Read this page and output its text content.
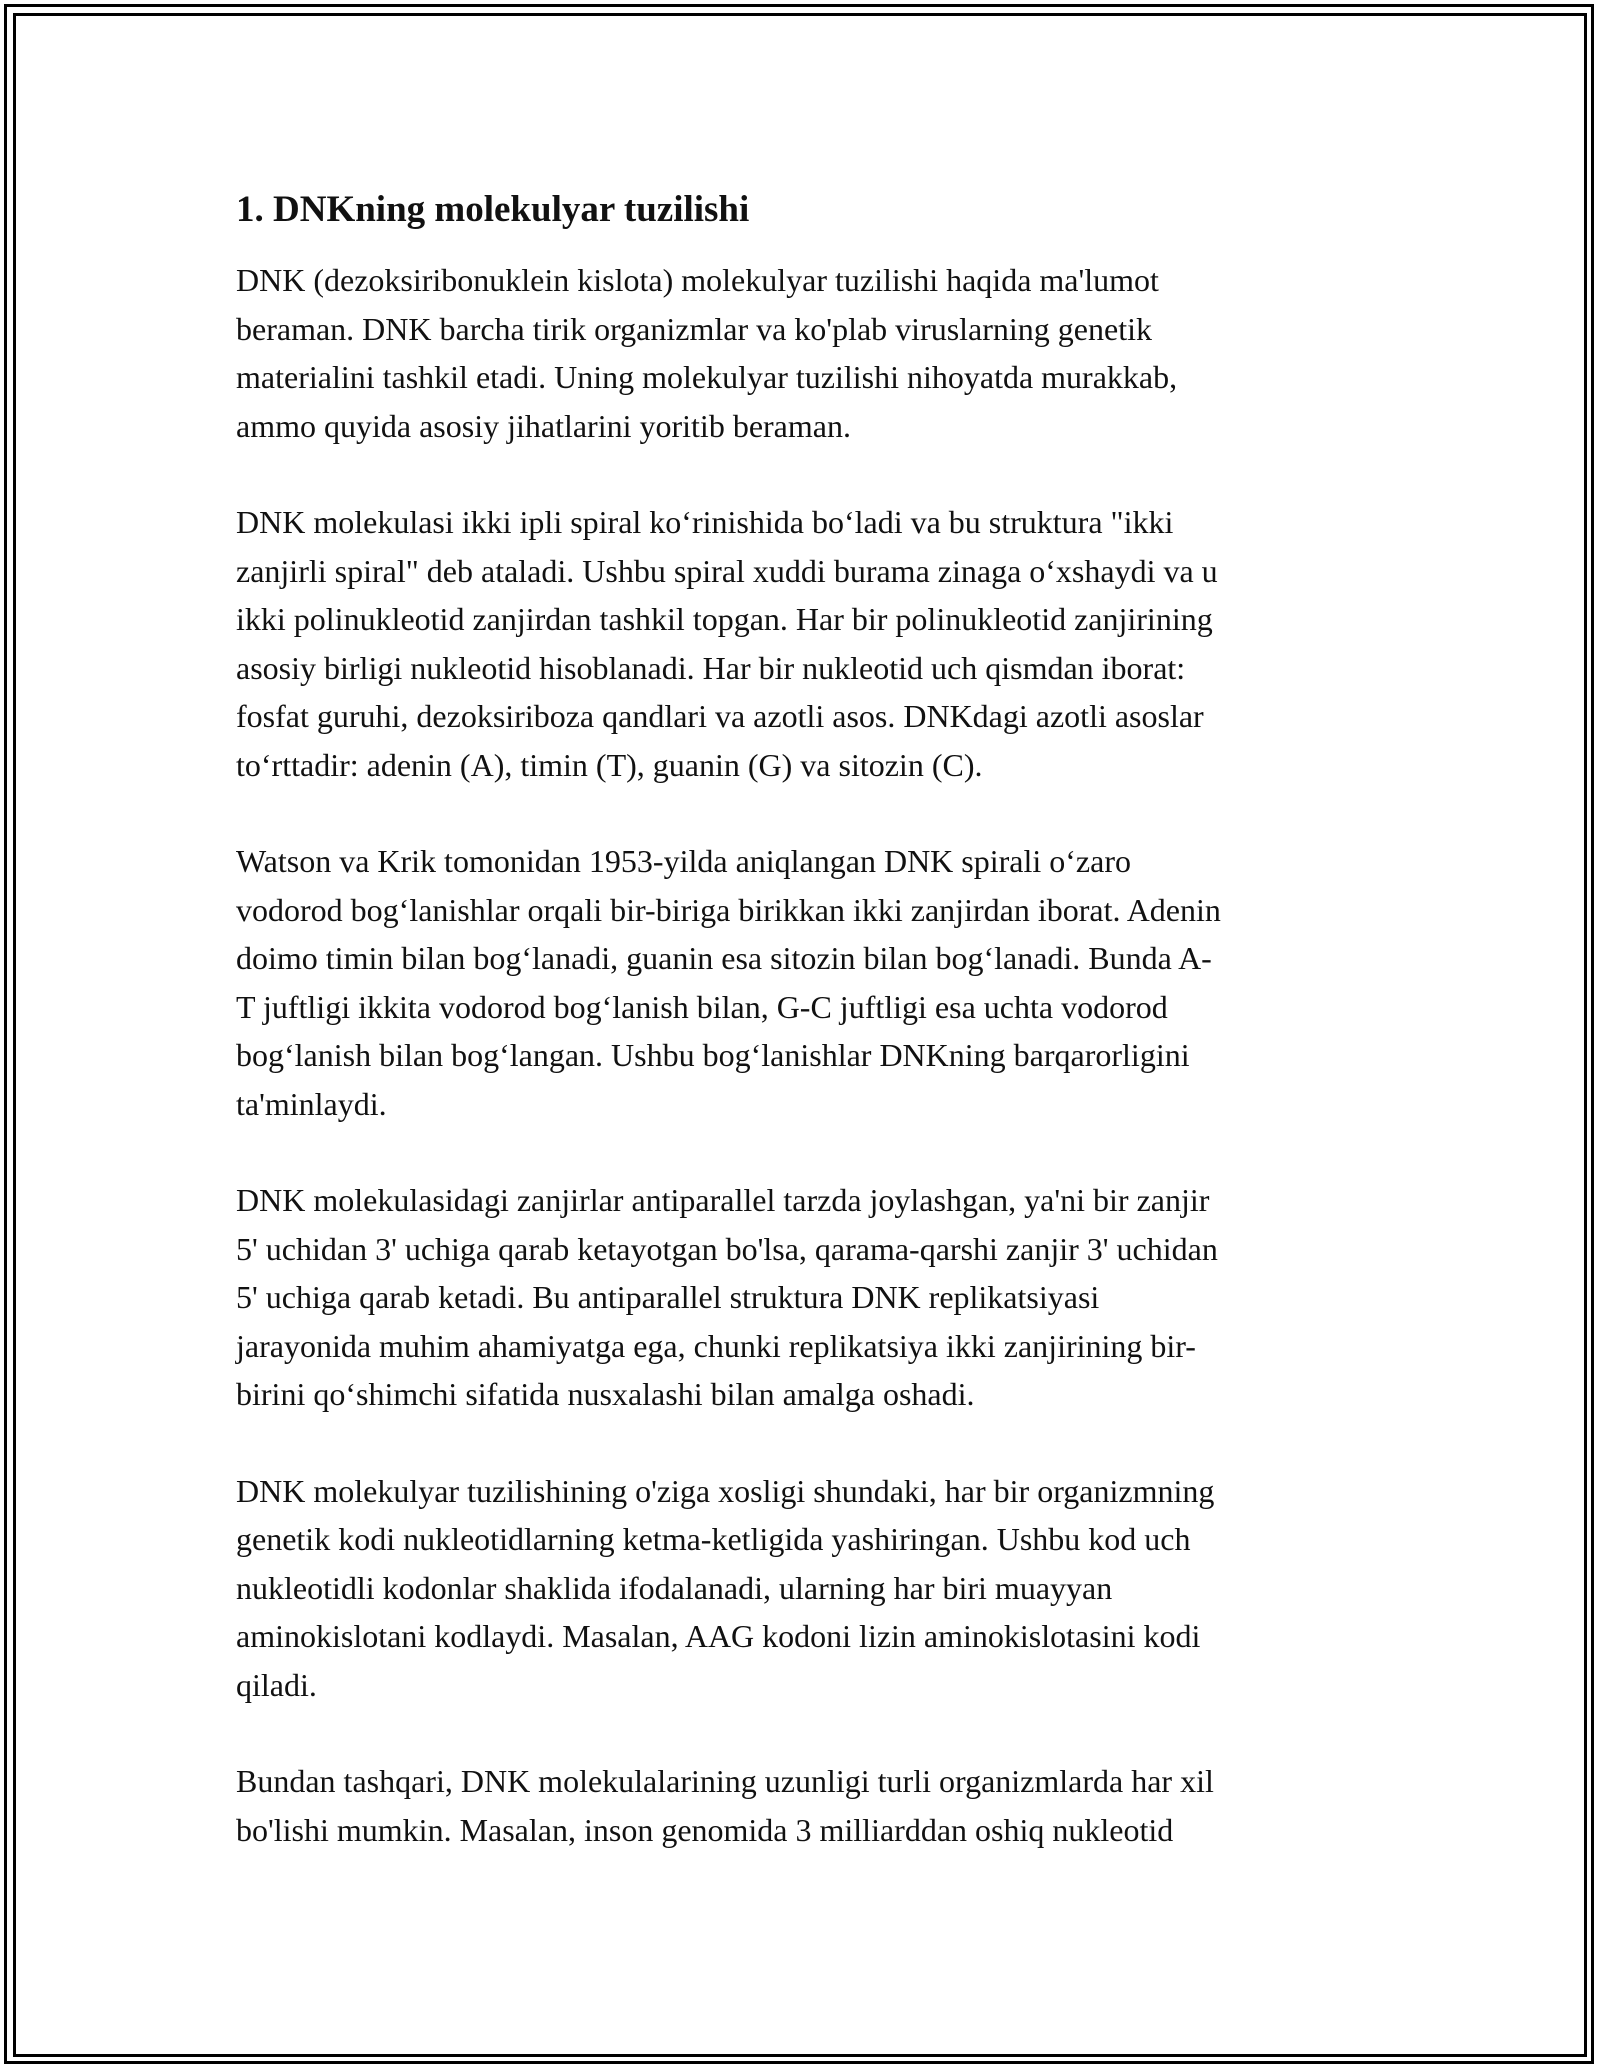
1. DNKning molekulyar tuzilishi

DNK (dezoksiribonuklein kislota) molekulyar tuzilishi haqida ma'lumot
beraman. DNK barcha tirik organizmlar va ko'plab viruslarning genetik
materialini tashkil etadi. Uning molekulyar tuzilishi nihoyatda murakkab,
ammo quyida asosiy jihatlarini yoritib beraman.

DNK molekulasi ikki ipli spiral koʻrinishida boʻladi va bu struktura "ikki
zanjirli spiral" deb ataladi. Ushbu spiral xuddi burama zinaga oʻxshaydi va u
ikki polinukleotid zanjirdan tashkil topgan. Har bir polinukleotid zanjirining
asosiy birligi nukleotid hisoblanadi. Har bir nukleotid uch qismdan iborat:
fosfat guruhi, dezoksiriboza qandlari va azotli asos. DNKdagi azotli asoslar
toʻrttadir: adenin (A), timin (T), guanin (G) va sitozin (C).

Watson va Krik tomonidan 1953-yilda aniqlangan DNK spirali oʻzaro
vodorod bogʻlanishlar orqali bir-biriga birikkan ikki zanjirdan iborat. Adenin
doimo timin bilan bogʻlanadi, guanin esa sitozin bilan bogʻlanadi. Bunda A-
T juftligi ikkita vodorod bogʻlanish bilan, G-C juftligi esa uchta vodorod
bogʻlanish bilan bogʻlangan. Ushbu bogʻlanishlar DNKning barqarorligini
ta'minlaydi.

DNK molekulasidagi zanjirlar antiparallel tarzda joylashgan, ya'ni bir zanjir
5' uchidan 3' uchiga qarab ketayotgan bo'lsa, qarama-qarshi zanjir 3' uchidan
5' uchiga qarab ketadi. Bu antiparallel struktura DNK replikatsiyasi
jarayonida muhim ahamiyatga ega, chunki replikatsiya ikki zanjirining bir-
birini qoʻshimchi sifatida nusxalashi bilan amalga oshadi.

DNK molekulyar tuzilishining o'ziga xosligi shundaki, har bir organizmning
genetik kodi nukleotidlarning ketma-ketligida yashiringan. Ushbu kod uch
nukleotidli kodonlar shaklida ifodalanadi, ularning har biri muayyan
aminokislotani kodlaydi. Masalan, AAG kodoni lizin aminokislotasini kodi
qiladi.

Bundan tashqari, DNK molekulalarining uzunligi turli organizmlarda har xil
bo'lishi mumkin. Masalan, inson genomida 3 milliarddan oshiq nukleotid
